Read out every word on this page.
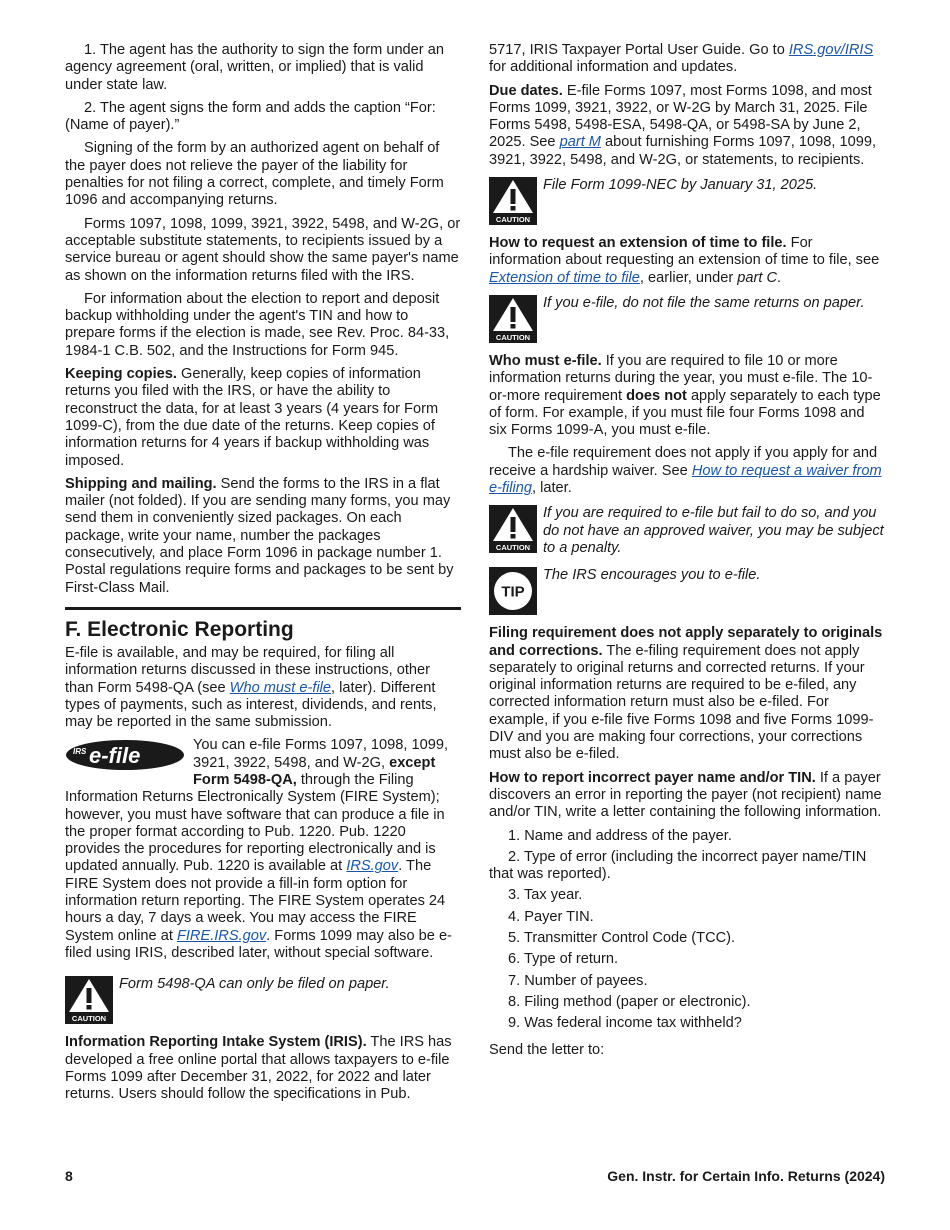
1. The agent has the authority to sign the form under an agency agreement (oral, written, or implied) that is valid under state law.

2. The agent signs the form and adds the caption “For: (Name of payer).”

Signing of the form by an authorized agent on behalf of the payer does not relieve the payer of the liability for penalties for not filing a correct, complete, and timely Form 1096 and accompanying returns.

Forms 1097, 1098, 1099, 3921, 3922, 5498, and W-2G, or acceptable substitute statements, to recipients issued by a service bureau or agent should show the same payer's name as shown on the information returns filed with the IRS.

For information about the election to report and deposit backup withholding under the agent's TIN and how to prepare forms if the election is made, see Rev. Proc. 84-33, 1984-1 C.B. 502, and the Instructions for Form 945.

Keeping copies. Generally, keep copies of information returns you filed with the IRS, or have the ability to reconstruct the data, for at least 3 years (4 years for Form 1099-C), from the due date of the returns. Keep copies of information returns for 4 years if backup withholding was imposed.

Shipping and mailing. Send the forms to the IRS in a flat mailer (not folded). If you are sending many forms, you may send them in conveniently sized packages. On each package, write your name, number the packages consecutively, and place Form 1096 in package number 1. Postal regulations require forms and packages to be sent by First-Class Mail.

F. Electronic Reporting

E-file is available, and may be required, for filing all information returns discussed in these instructions, other than Form 5498-QA (see Who must e-file, later). Different types of payments, such as interest, dividends, and rents, may be reported in the same submission.

IRS e-file	You can e-file Forms 1097, 1098, 1099, 3921, 3922, 5498, and W-2G, except Form 5498-QA, through the Filing Information Returns Electronically System (FIRE System); however, you must have software that can produce a file in the proper format according to Pub. 1220. Pub. 1220 provides the procedures for reporting electronically and is updated annually. Pub. 1220 is available at IRS.gov. The FIRE System does not provide a fill-in form option for information return reporting. The FIRE System operates 24 hours a day, 7 days a week. You may access the FIRE System online at FIRE.IRS.gov. Forms 1099 may also be e-filed using IRIS, described later, without special software.

CAUTION
Form 5498-QA can only be filed on paper.

Information Reporting Intake System (IRIS). The IRS has developed a free online portal that allows taxpayers to e-file Forms 1099 after December 31, 2022, for 2022 and later returns. Users should follow the specifications in Pub.

5717, IRIS Taxpayer Portal User Guide. Go to IRS.gov/IRIS for additional information and updates.

Due dates. E-file Forms 1097, most Forms 1098, and most Forms 1099, 3921, 3922, or W-2G by March 31, 2025. File Forms 5498, 5498-ESA, 5498-QA, or 5498-SA by June 2, 2025. See part M about furnishing Forms 1097, 1098, 1099, 3921, 3922, 5498, and W-2G, or statements, to recipients.

CAUTION
File Form 1099-NEC by January 31, 2025.

How to request an extension of time to file. For information about requesting an extension of time to file, see Extension of time to file, earlier, under part C.

CAUTION
If you e-file, do not file the same returns on paper.

Who must e-file. If you are required to file 10 or more information returns during the year, you must e-file. The 10-or-more requirement does not apply separately to each type of form. For example, if you must file four Forms 1098 and six Forms 1099-A, you must e-file.

The e-file requirement does not apply if you apply for and receive a hardship waiver. See How to request a waiver from e-filing, later.

CAUTION
If you are required to e-file but fail to do so, and you do not have an approved waiver, you may be subject to a penalty.
TIP
The IRS encourages you to e-file.

Filing requirement does not apply separately to originals and corrections. The e-filing requirement does not apply separately to original returns and corrected returns. If your original information returns are required to be e-filed, any corrected information return must also be e-filed. For example, if you e-file five Forms 1098 and five Forms 1099-DIV and you are making four corrections, your corrections must also be e-filed.

How to report incorrect payer name and/or TIN. If a payer discovers an error in reporting the payer (not recipient) name and/or TIN, write a letter containing the following information.

1. Name and address of the payer.
2. Type of error (including the incorrect payer name/TIN that was reported).
3. Tax year.
4. Payer TIN.
5. Transmitter Control Code (TCC).
6. Type of return.
7. Number of payees.
8. Filing method (paper or electronic).
9. Was federal income tax withheld?

Send the letter to:

8	Gen. Instr. for Certain Info. Returns (2024)
